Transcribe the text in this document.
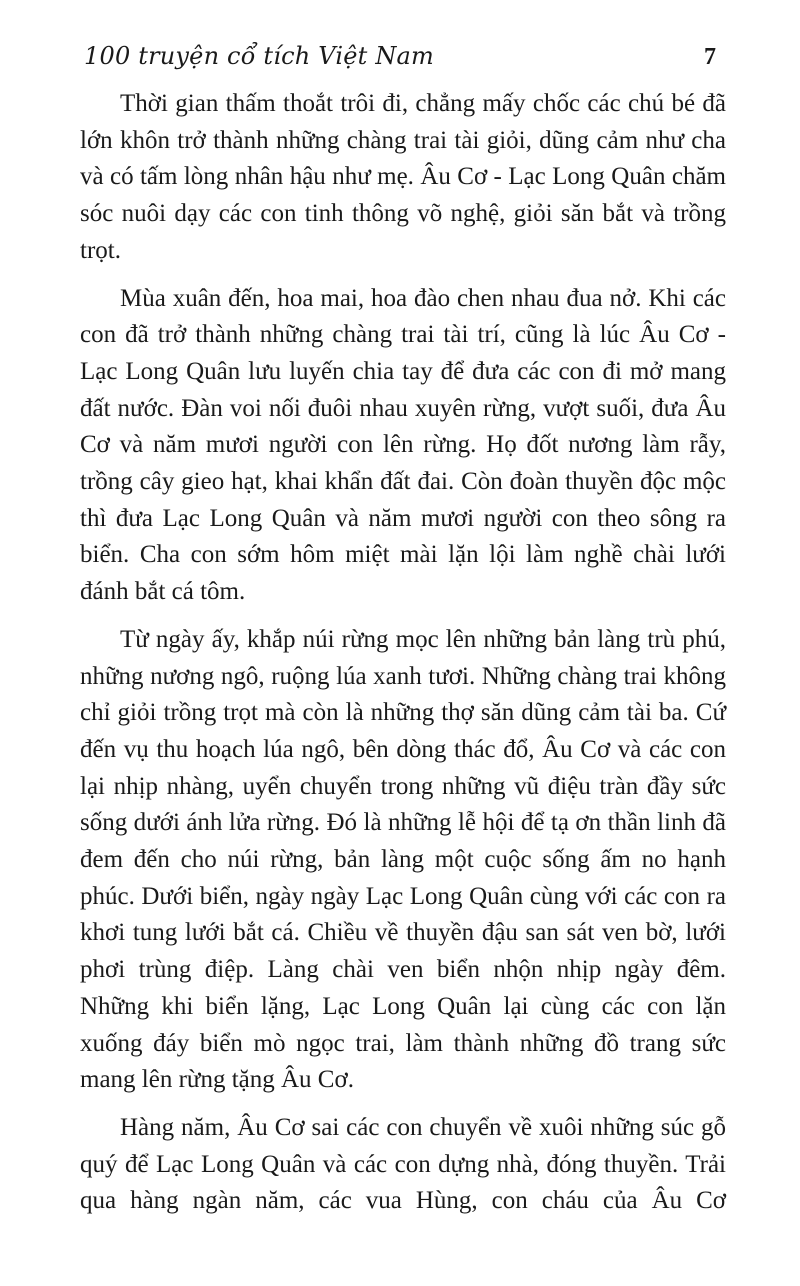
100 truyện cổ tích Việt Nam	7

Thời gian thấm thoắt trôi đi, chẳng mấy chốc các chú bé đã lớn khôn trở thành những chàng trai tài giỏi, dũng cảm như cha và có tấm lòng nhân hậu như mẹ. Âu Cơ - Lạc Long Quân chăm sóc nuôi dạy các con tinh thông võ nghệ, giỏi săn bắt và trồng trọt.

Mùa xuân đến, hoa mai, hoa đào chen nhau đua nở. Khi các con đã trở thành những chàng trai tài trí, cũng là lúc Âu Cơ - Lạc Long Quân lưu luyến chia tay để đưa các con đi mở mang đất nước. Đàn voi nối đuôi nhau xuyên rừng, vượt suối, đưa Âu Cơ và năm mươi người con lên rừng. Họ đốt nương làm rẫy, trồng cây gieo hạt, khai khẩn đất đai. Còn đoàn thuyền độc mộc thì đưa Lạc Long Quân và năm mươi người con theo sông ra biển. Cha con sớm hôm miệt mài lặn lội làm nghề chài lưới đánh bắt cá tôm.

Từ ngày ấy, khắp núi rừng mọc lên những bản làng trù phú, những nương ngô, ruộng lúa xanh tươi. Những chàng trai không chỉ giỏi trồng trọt mà còn là những thợ săn dũng cảm tài ba. Cứ đến vụ thu hoạch lúa ngô, bên dòng thác đổ, Âu Cơ và các con lại nhịp nhàng, uyển chuyển trong những vũ điệu tràn đầy sức sống dưới ánh lửa rừng. Đó là những lễ hội để tạ ơn thần linh đã đem đến cho núi rừng, bản làng một cuộc sống ấm no hạnh phúc. Dưới biển, ngày ngày Lạc Long Quân cùng với các con ra khơi tung lưới bắt cá. Chiều về thuyền đậu san sát ven bờ, lưới phơi trùng điệp. Làng chài ven biển nhộn nhịp ngày đêm. Những khi biển lặng, Lạc Long Quân lại cùng các con lặn xuống đáy biển mò ngọc trai, làm thành những đồ trang sức mang lên rừng tặng Âu Cơ.

Hàng năm, Âu Cơ sai các con chuyển về xuôi những súc gỗ quý để Lạc Long Quân và các con dựng nhà, đóng thuyền. Trải qua hàng ngàn năm, các vua Hùng, con cháu của Âu Cơ
